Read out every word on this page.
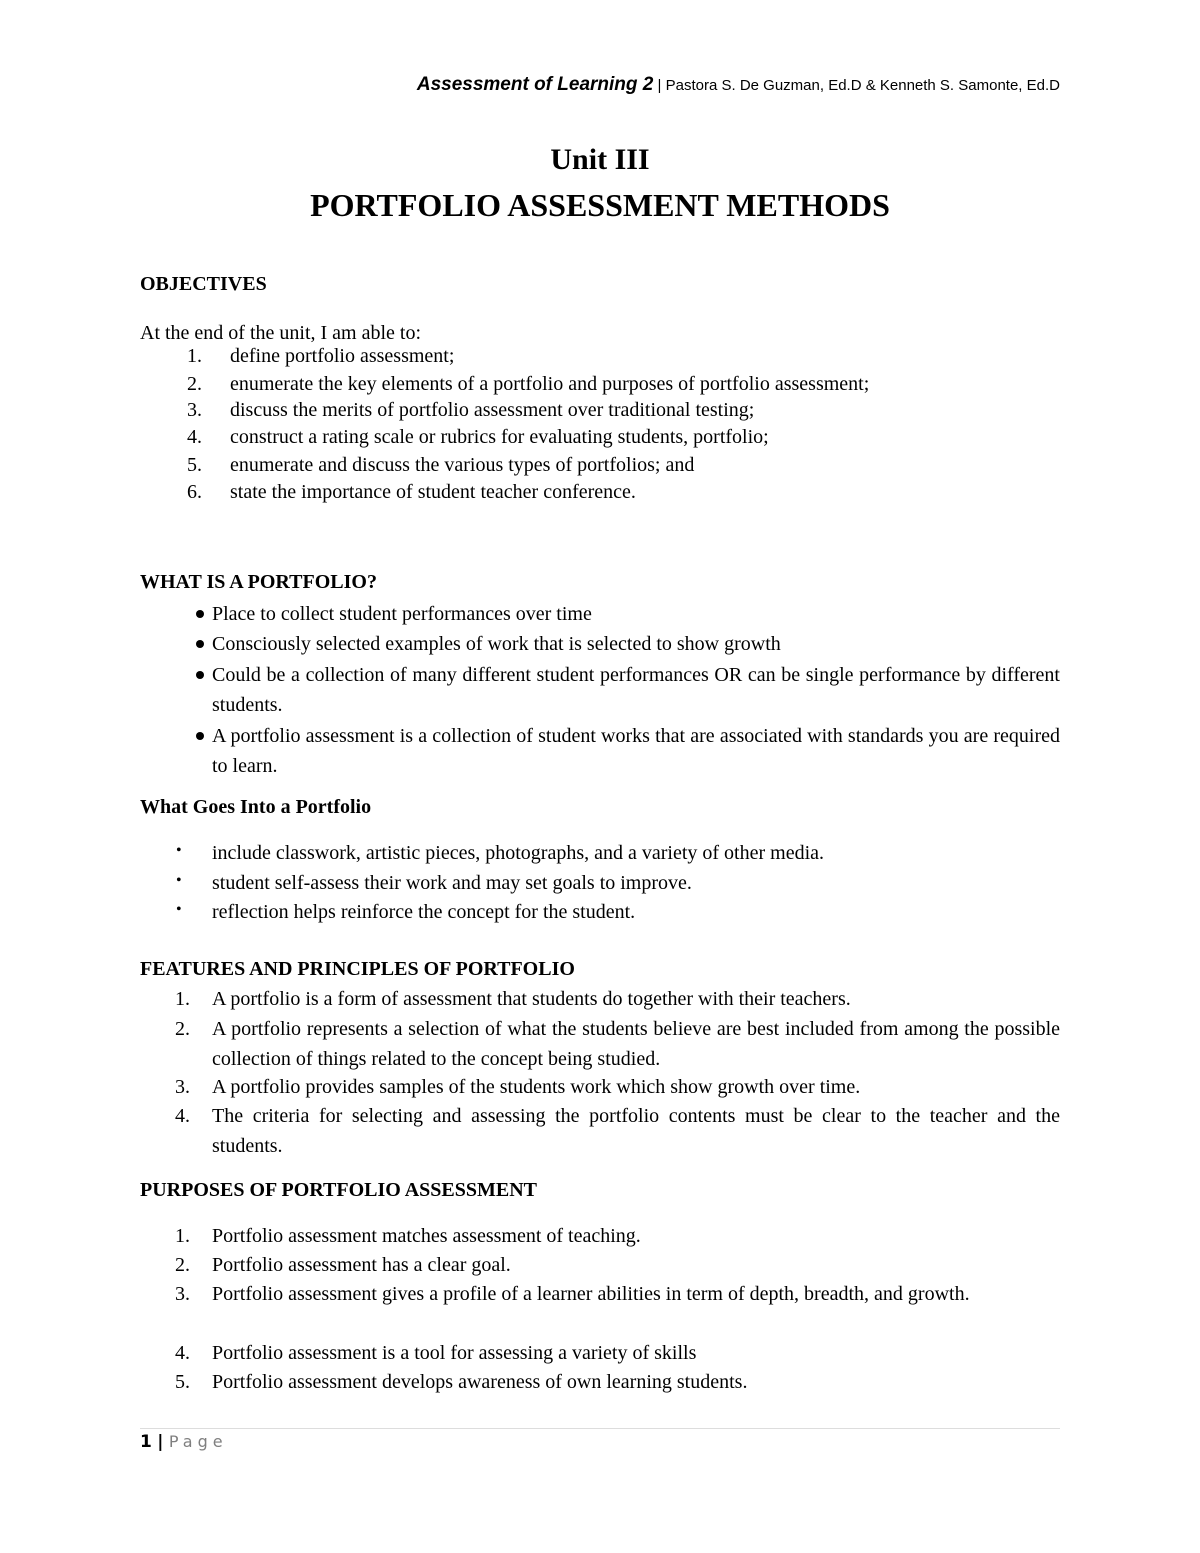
Assessment of Learning 2 | Pastora S. De Guzman, Ed.D & Kenneth S. Samonte, Ed.D
Unit III
PORTFOLIO ASSESSMENT METHODS
OBJECTIVES
At the end of the unit, I am able to:
1. define portfolio assessment;
2. enumerate the key elements of a portfolio and purposes of portfolio assessment;
3. discuss the merits of portfolio assessment over traditional testing;
4. construct a rating scale or rubrics for evaluating students, portfolio;
5. enumerate and discuss the various types of portfolios; and
6. state the importance of student teacher conference.
WHAT IS A PORTFOLIO?
Place to collect student performances over time
Consciously selected examples of work that is selected to show growth
Could be a collection of many different student performances OR can be single performance by different students.
A portfolio assessment is a collection of student works that are associated with standards you are required to learn.
What Goes Into a Portfolio
• include classwork, artistic pieces, photographs, and a variety of other media.
• student self-assess their work and may set goals to improve.
• reflection helps reinforce the concept for the student.
FEATURES AND PRINCIPLES OF PORTFOLIO
1. A portfolio is a form of assessment that students do together with their teachers.
2. A portfolio represents a selection of what the students believe are best included from among the possible collection of things related to the concept being studied.
3. A portfolio provides samples of the students work which show growth over time.
4. The criteria for selecting and assessing the portfolio contents must be clear to the teacher and the students.
PURPOSES OF PORTFOLIO ASSESSMENT
1. Portfolio assessment matches assessment of teaching.
2. Portfolio assessment has a clear goal.
3. Portfolio assessment gives a profile of a learner abilities in term of depth, breadth, and growth.
4. Portfolio assessment is a tool for assessing a variety of skills
5. Portfolio assessment develops awareness of own learning students.
1 | Page
